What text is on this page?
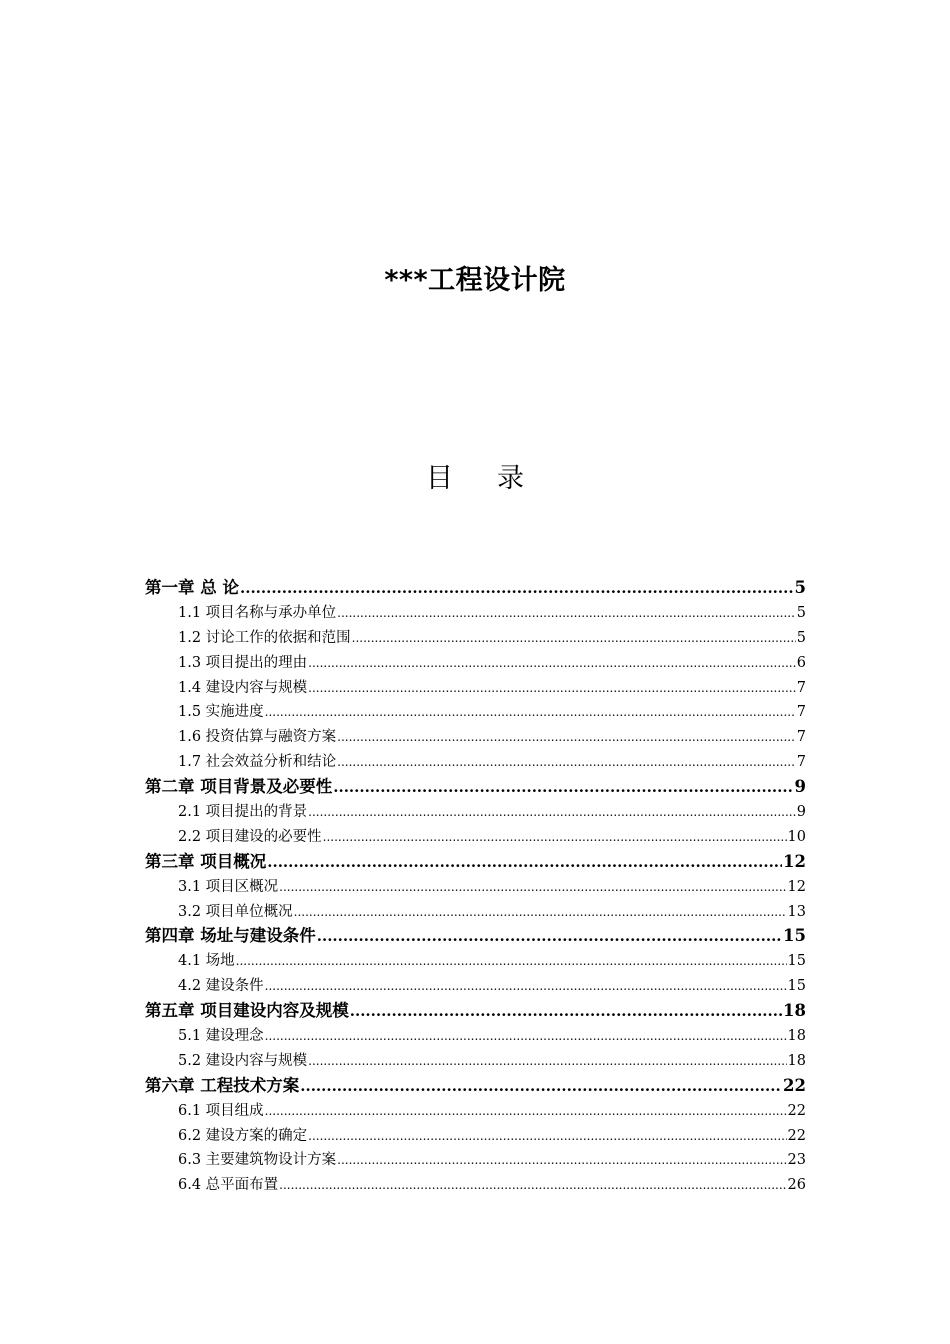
***工程设计院
目录
第一章 总 论 .....	5
1.1 项目名称与承办单位 .....	5
1.2 讨论工作的依据和范围 .....	5
1.3 项目提出的理由 .....	6
1.4 建设内容与规模 .....	7
1.5 实施进度 .....	7
1.6 投资估算与融资方案 .....	7
1.7 社会效益分析和结论 .....	7
第二章 项目背景及必要性 .....	9
2.1 项目提出的背景 .....	9
2.2 项目建设的必要性 .....	10
第三章 项目概况 .....	12
3.1 项目区概况 .....	12
3.2 项目单位概况 .....	13
第四章 场址与建设条件 .....	15
4.1 场地 .....	15
4.2 建设条件 .....	15
第五章 项目建设内容及规模 .....	18
5.1 建设理念 .....	18
5.2 建设内容与规模 .....	18
第六章 工程技术方案 .....	22
6.1 项目组成 .....	22
6.2 建设方案的确定 .....	22
6.3 主要建筑物设计方案 .....	23
6.4 总平面布置 .....	26
